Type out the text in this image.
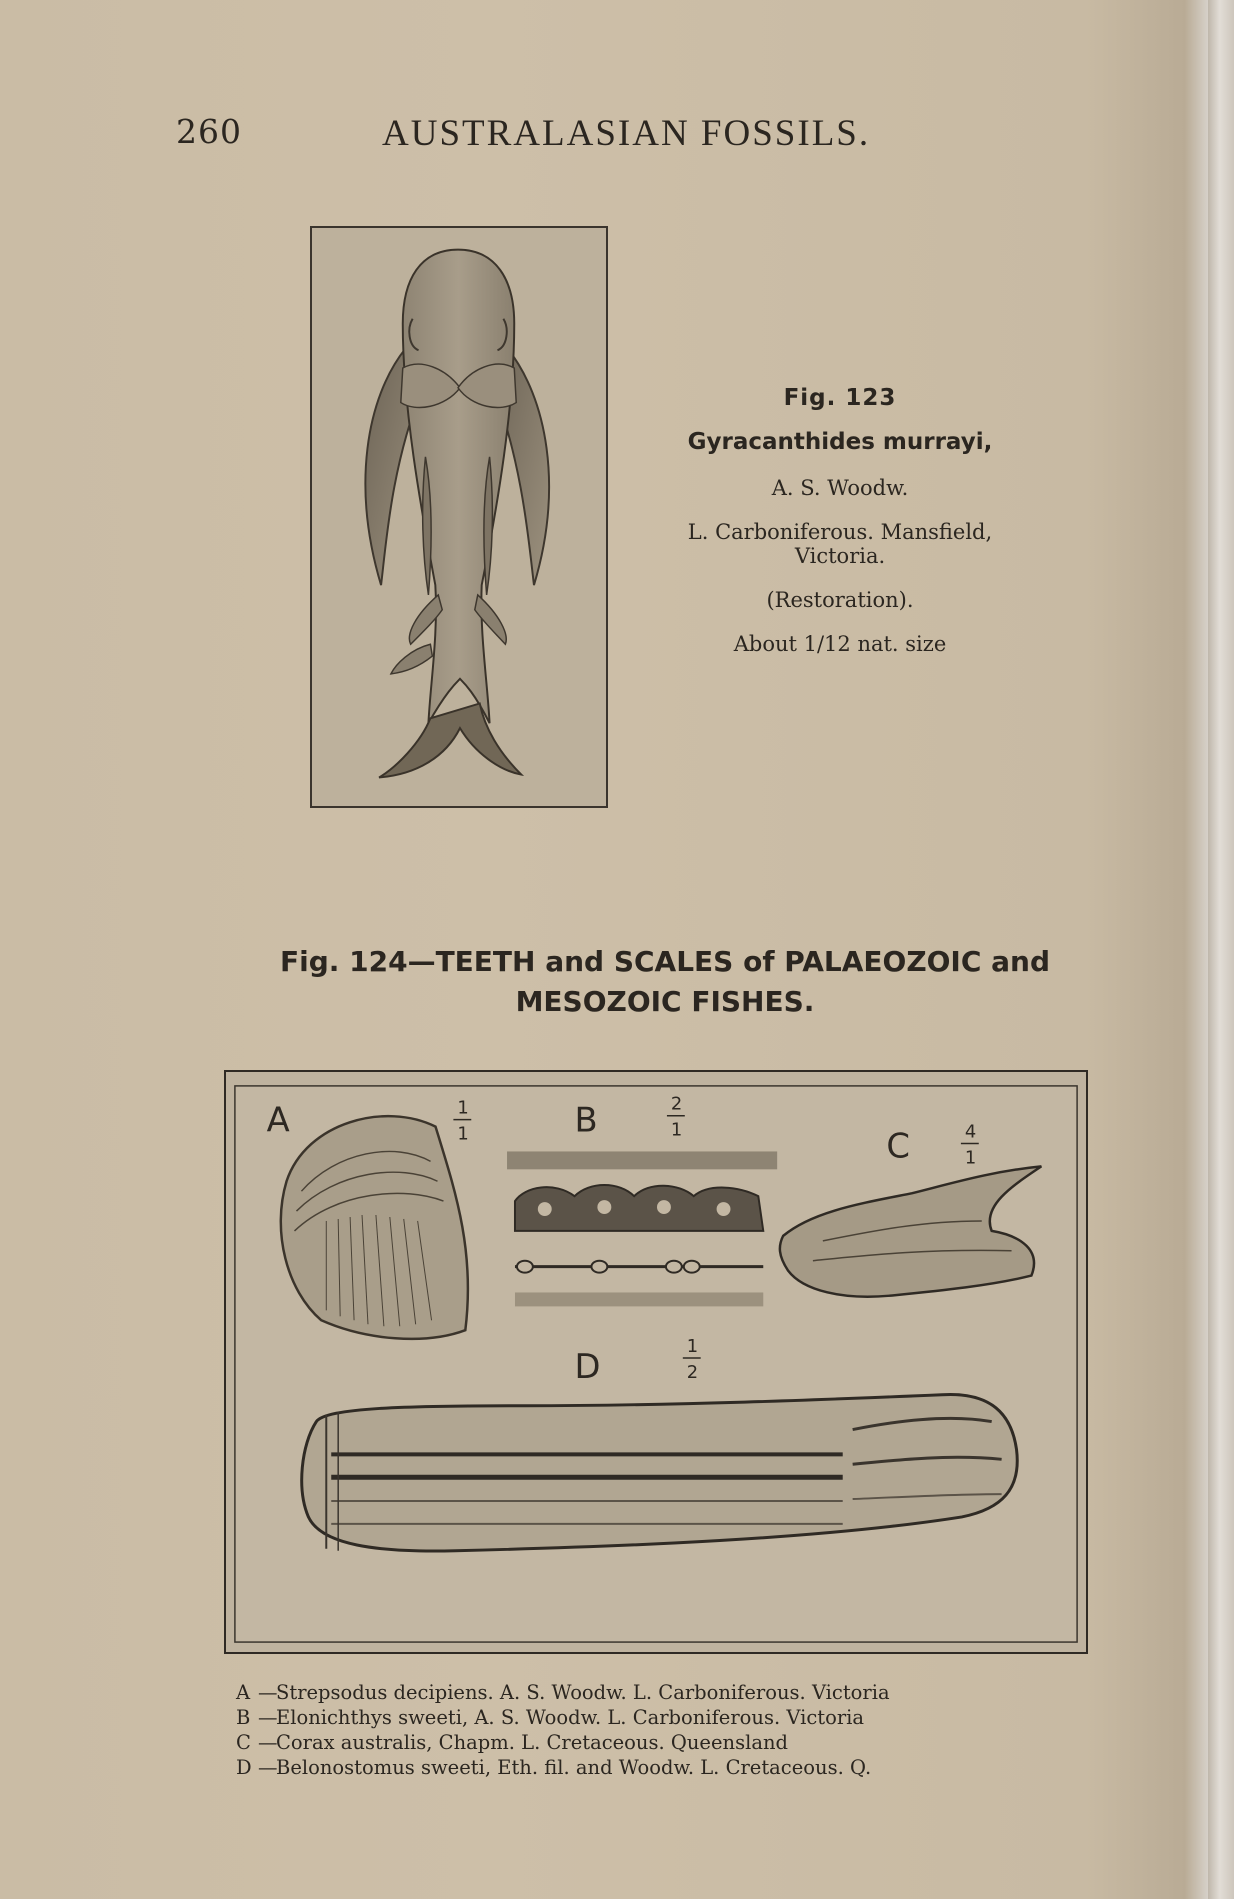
260	AUSTRALASIAN FOSSILS.
Fig. 123
Gyracanthides murrayi,
A. S. Woodw.
L. Carboniferous. Mansfield,
Victoria.
(Restoration).
About 1/12 nat. size
Fig. 124—TEETH and SCALES of PALAEOZOIC and
MESOZOIC FISHES.
A	1
1	B	2
1	C	4
1
D
1
2
A —
Strepsodus decipiens. A. S. Woodw. L. Carboniferous. Victoria
B —
Elonichthys sweeti, A. S. Woodw. L. Carboniferous. Victoria
C —
Corax australis, Chapm. L. Cretaceous. Queensland
D —
Belonostomus sweeti, Eth. fil. and Woodw. L. Cretaceous. Q.
